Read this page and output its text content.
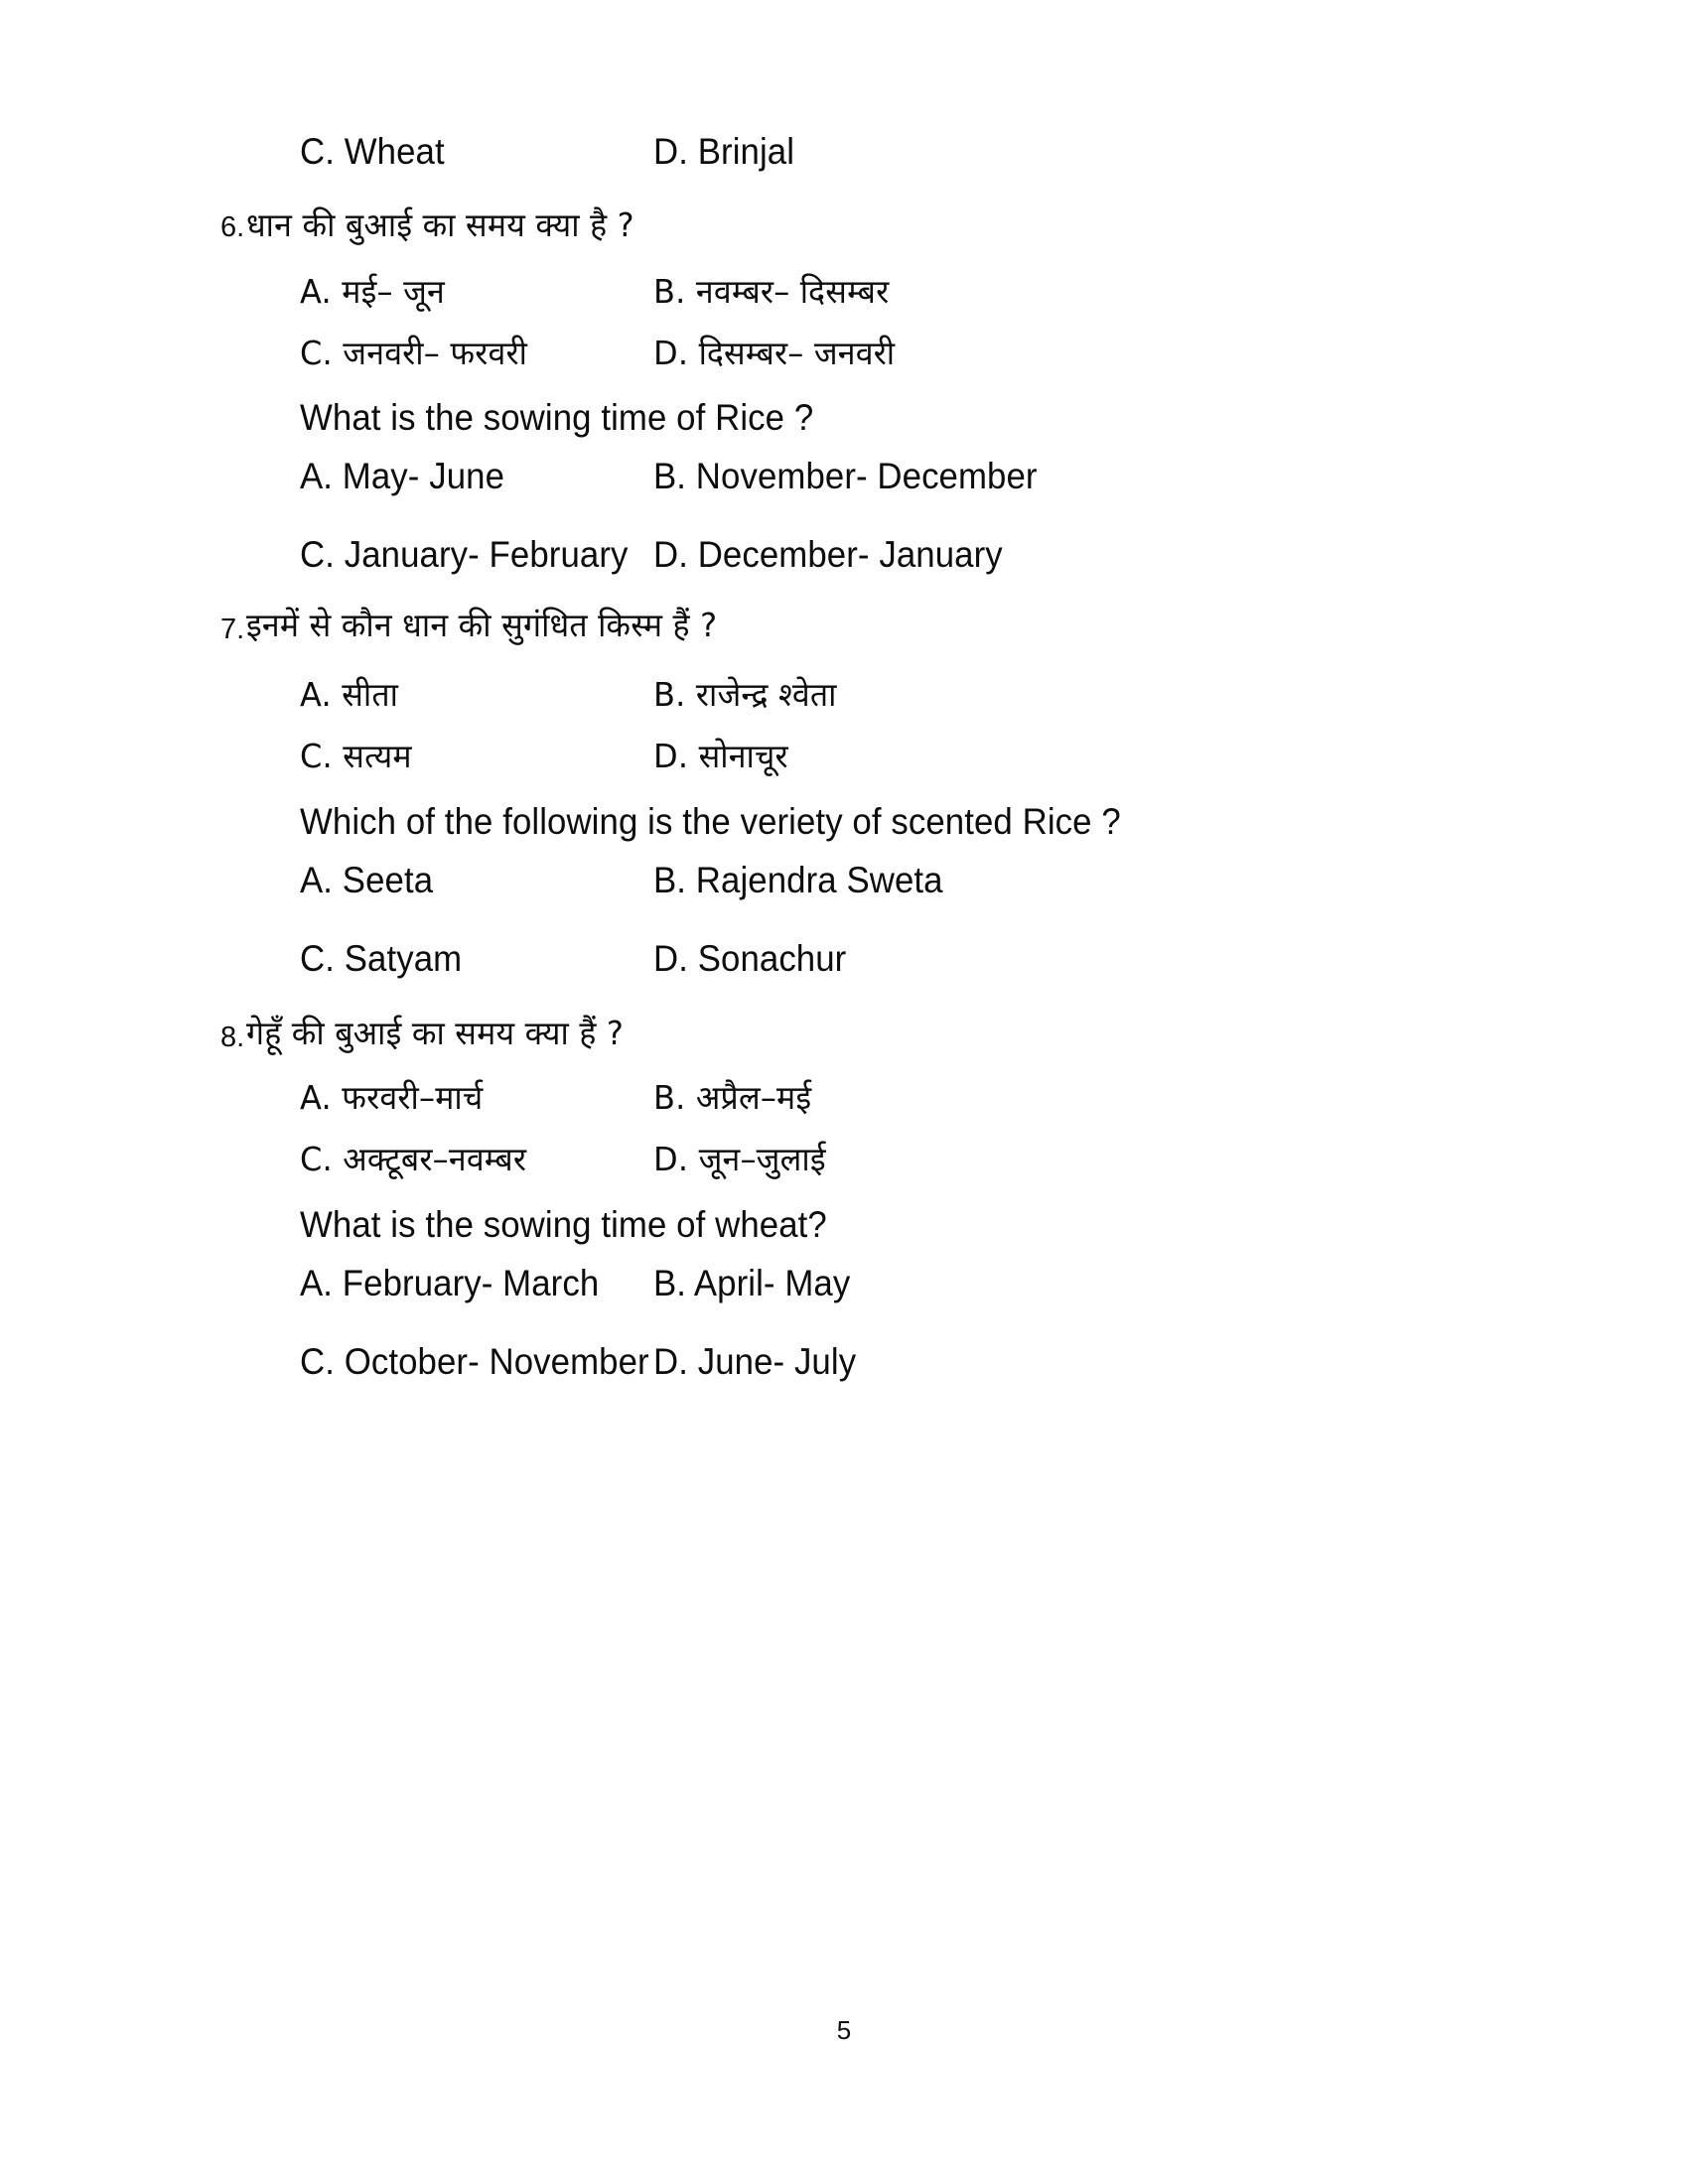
C. Wheat	D. Brinjal
6. धान की बुआई का समय क्या है ?
A. मई– जून	B. नवम्बर– दिसम्बर
C. जनवरी– फरवरी	D. दिसम्बर– जनवरी
What is the sowing time of Rice ?
A. May- June	B. November- December
C. January- February D. December- January
7. इनमें से कौन धान की सुगंधित किस्म हैं ?
A. सीता	B. राजेन्द्र श्वेता
C. सत्यम	D. सोनाचूर
Which of the following is the veriety of scented Rice ?
A. Seeta	B. Rajendra Sweta
C. Satyam	D. Sonachur
8. गेहूँ की बुआई का समय क्या हैं ?
A. फरवरी–मार्च	B. अप्रैल–मई
C. अक्टूबर–नवम्बर	D. जून–जुलाई
What is the sowing time of wheat?
A. February- March B. April- May
C. October- November D. June- July
5
